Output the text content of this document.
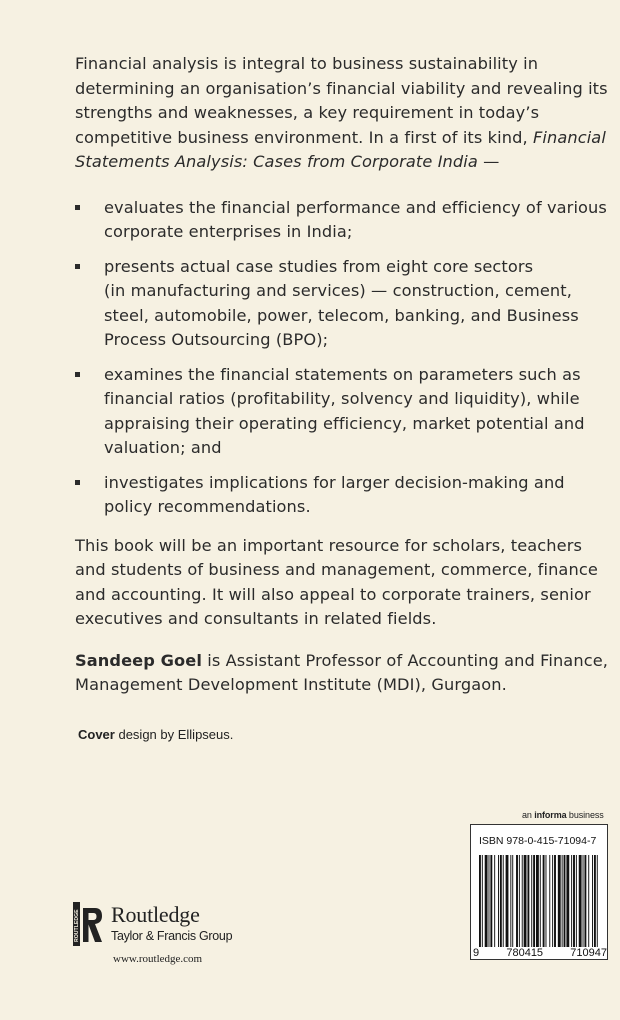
Financial analysis is integral to business sustainability in determining an organisation’s financial viability and revealing its strengths and weaknesses, a key requirement in today’s competitive business environment. In a first of its kind, Financial Statements Analysis: Cases from Corporate India —

evaluates the financial performance and efficiency of various
corporate enterprises in India;
presents actual case studies from eight core sectors
(in manufacturing and services) — construction, cement,
steel, automobile, power, telecom, banking, and Business
Process Outsourcing (BPO);
examines the financial statements on parameters such as
financial ratios (profitability, solvency and liquidity), while
appraising their operating efficiency, market potential and
valuation; and
investigates implications for larger decision-making and
policy recommendations.

This book will be an important resource for scholars, teachers
and students of business and management, commerce, finance
and accounting. It will also appeal to corporate trainers, senior
executives and consultants in related fields.

Sandeep Goel is Assistant Professor of Accounting and Finance,
Management Development Institute (MDI), Gurgaon.

Cover design by Ellipseus.
an informa business
ISBN 978-0-415-71094-7
9 780415 710947
ROUTLEDGE Routledge
Taylor & Francis Group
www.routledge.com
